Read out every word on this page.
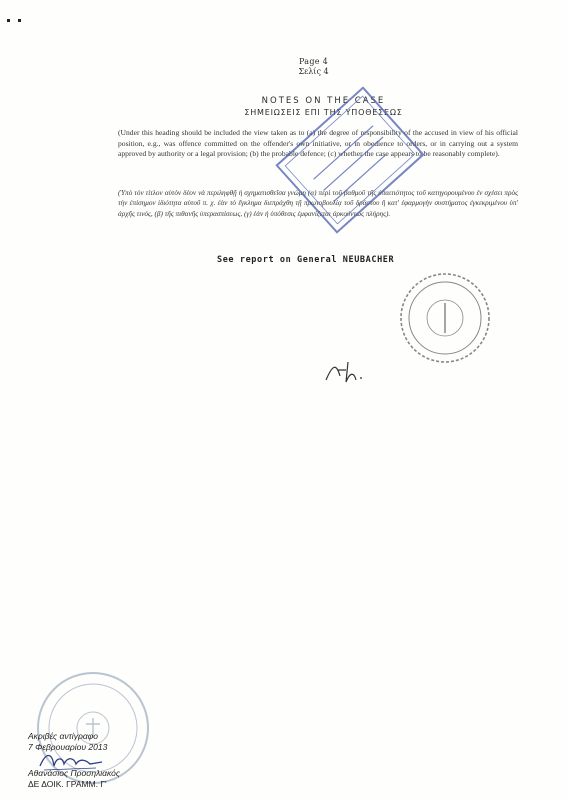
Page 4
Σελίς 4
NOTES ON THE CASE
ΣΗΜΕΙΩΣΕΙΣ ΕΠΙ ΤΗΣ ΥΠΟΘΕΣΕΩΣ
(Under this heading should be included the view taken as to (a) the degree of responsibility of the accused in view of his official position, e.g., was offence committed on the offender's own initiative, or in obedience to orders, or in carrying out a system approved by authority or a legal provision; (b) the probable defence; (c) whether the case appears to be reasonably complete).
(Ὑπὸ τὸν τίτλον αὐτὸν δέον νὰ περιληφθῇ ἡ σχηματισθεῖσα γνώμη (α) περὶ τοῦ βαθμοῦ τῆς ὑπαιτιότητος τοῦ κατηγορουμένου ἐν σχέσει πρὸς τὴν ἐπίσημον ἰδιότητα αὐτοῦ π. χ. ἐὰν τὸ ἔγκλημα διεπράχθη τῇ πρωτοβουλίᾳ τοῦ δράστου ἢ κατ' ἐφαρμογὴν συστήματος ἐγκεκριμένου ὑπ' ἀρχῆς τινός, (β) τῆς πιθανῆς ὑπερασπίσεως, (γ) ἐὰν ἡ ὑπόθεσις ἐμφανίζεται ἀρκούντως πλήρης).
See report on General NEUBACHER
Ακριβές αντίγραφο
7 Φεβρουαρίου 2013
Αθανάσιος Προσηλιακός
ΔΕ ΔΟΙΚ. ΓΡΑΜΜ. Γ'
